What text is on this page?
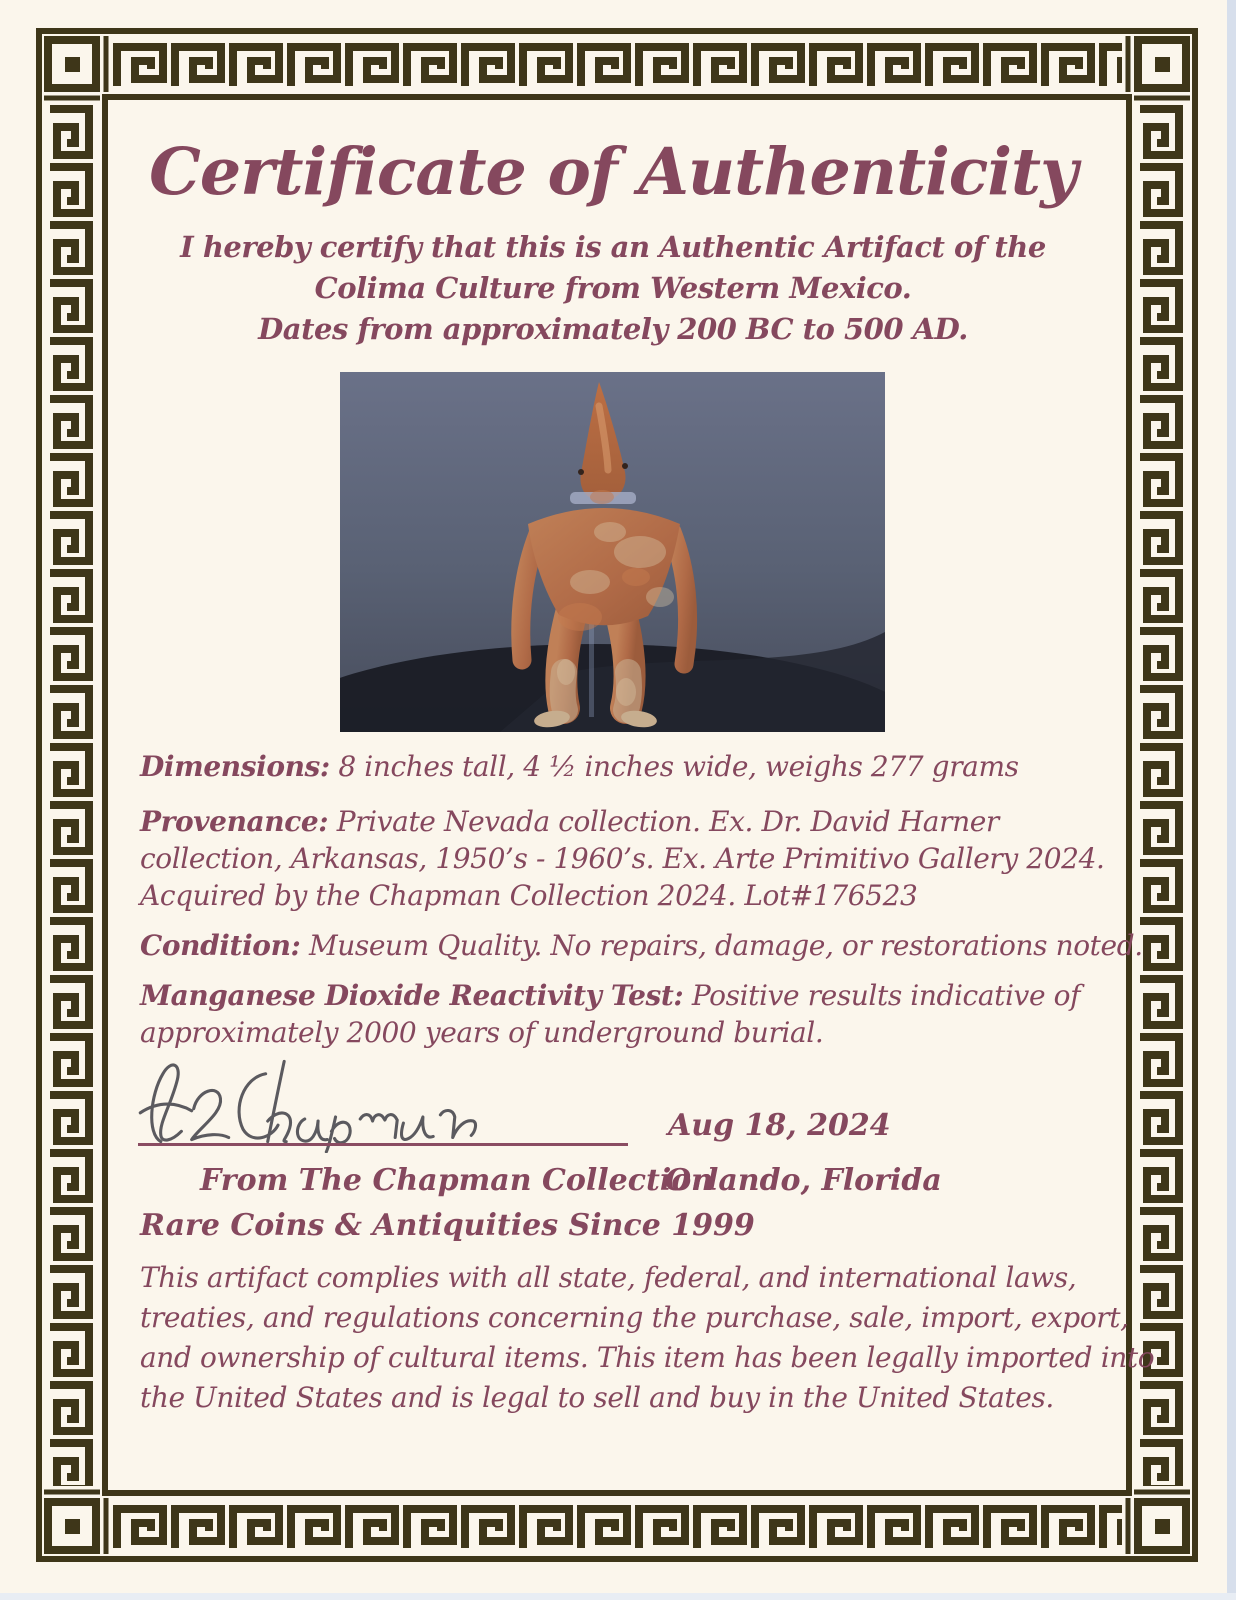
Certificate of Authenticity
I hereby certify that this is an Authentic Artifact of the
Colima Culture from Western Mexico.
Dates from approximately 200 BC to 500 AD.

Dimensions: 8 inches tall, 4 ½ inches wide, weighs 277 grams

Provenance: Private Nevada collection. Ex. Dr. David Harner
collection, Arkansas, 1950’s - 1960’s. Ex. Arte Primitivo Gallery 2024.
Acquired by the Chapman Collection 2024. Lot#176523

Condition: Museum Quality. No repairs, damage, or restorations noted.

Manganese Dioxide Reactivity Test: Positive results indicative of
approximately 2000 years of underground burial.

Aug 18, 2024
From The Chapman Collection
Orlando, Florida
Rare Coins & Antiquities Since 1999

This artifact complies with all state, federal, and international laws,
treaties, and regulations concerning the purchase, sale, import, export,
and ownership of cultural items. This item has been legally imported into
the United States and is legal to sell and buy in the United States.
